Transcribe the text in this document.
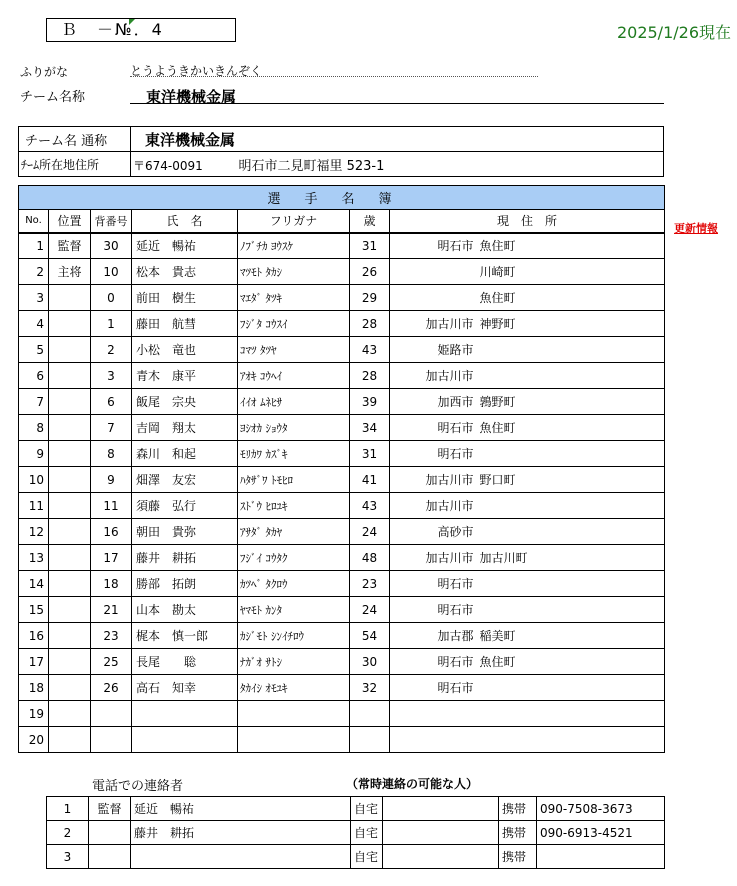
Ｂ　－№．4	2025/1/26現在
ふりがな	とうようきかいきんぞく
チーム名称	東洋機械金属
チーム名 通称	東洋機械金属
ﾁｰﾑ所在地住所	〒674-0091 明石市二見町福里 523-1
選手名簿							
No.	位置	背番号	氏　名	フリガナ	歳	現　住　所	
1	監督	30	延近　暢祐	ﾉﾌﾞﾁｶ ﾖｳｽｹ	31	明石市	魚住町
2	主将	10	松本　貴志	ﾏﾂﾓﾄ ﾀｶｼ	26		川崎町
3		0	前田　樹生	ﾏｴﾀﾞ ﾀﾂｷ	29		魚住町
4		1	藤田　航彗	ﾌｼﾞﾀ ｺｳｽｲ	28	加古川市	神野町
5		2	小松　竜也	ｺﾏﾂ ﾀﾂﾔ	43	姫路市	
6		3	青木　康平	ｱｵｷ ｺｳﾍｲ	28	加古川市	
7		6	飯尾　宗央	ｲｲｵ ﾑﾈﾋｻ	39	加西市	鶉野町
8		7	吉岡　翔太	ﾖｼｵｶ ｼｮｳﾀ	34	明石市	魚住町
9		8	森川　和起	ﾓﾘｶﾜ ｶｽﾞｷ	31	明石市	
10		9	畑澤　友宏	ﾊﾀｻﾞﾜ ﾄﾓﾋﾛ	41	加古川市	野口町
11		11	須藤　弘行	ｽﾄﾞｳ ﾋﾛﾕｷ	43	加古川市	
12		16	朝田　貴弥	ｱｻﾀﾞ ﾀｶﾔ	24	高砂市	
13		17	藤井　耕拓	ﾌｼﾞｲ ｺｳﾀｸ	48	加古川市	加古川町
14		18	勝部　拓朗	ｶﾂﾍﾞ ﾀｸﾛｳ	23	明石市	
15		21	山本　勘太	ﾔﾏﾓﾄ ｶﾝﾀ	24	明石市	
16		23	梶本　慎一郎	ｶｼﾞﾓﾄ ｼﾝｲﾁﾛｳ	54	加古郡	稲美町
17		25	長尾　　聡	ﾅｶﾞｵ ｻﾄｼ	30	明石市	魚住町
18		26	高石　知幸	ﾀｶｲｼ ｵﾓﾕｷ	32	明石市	
19							
20							
更新情報
電話での連絡者	（常時連絡の可能な人）
1	監督	延近　暢祐	自宅		携帯	090-7508-3673
2		藤井　耕拓	自宅		携帯	090-6913-4521
3			自宅		携帯	
